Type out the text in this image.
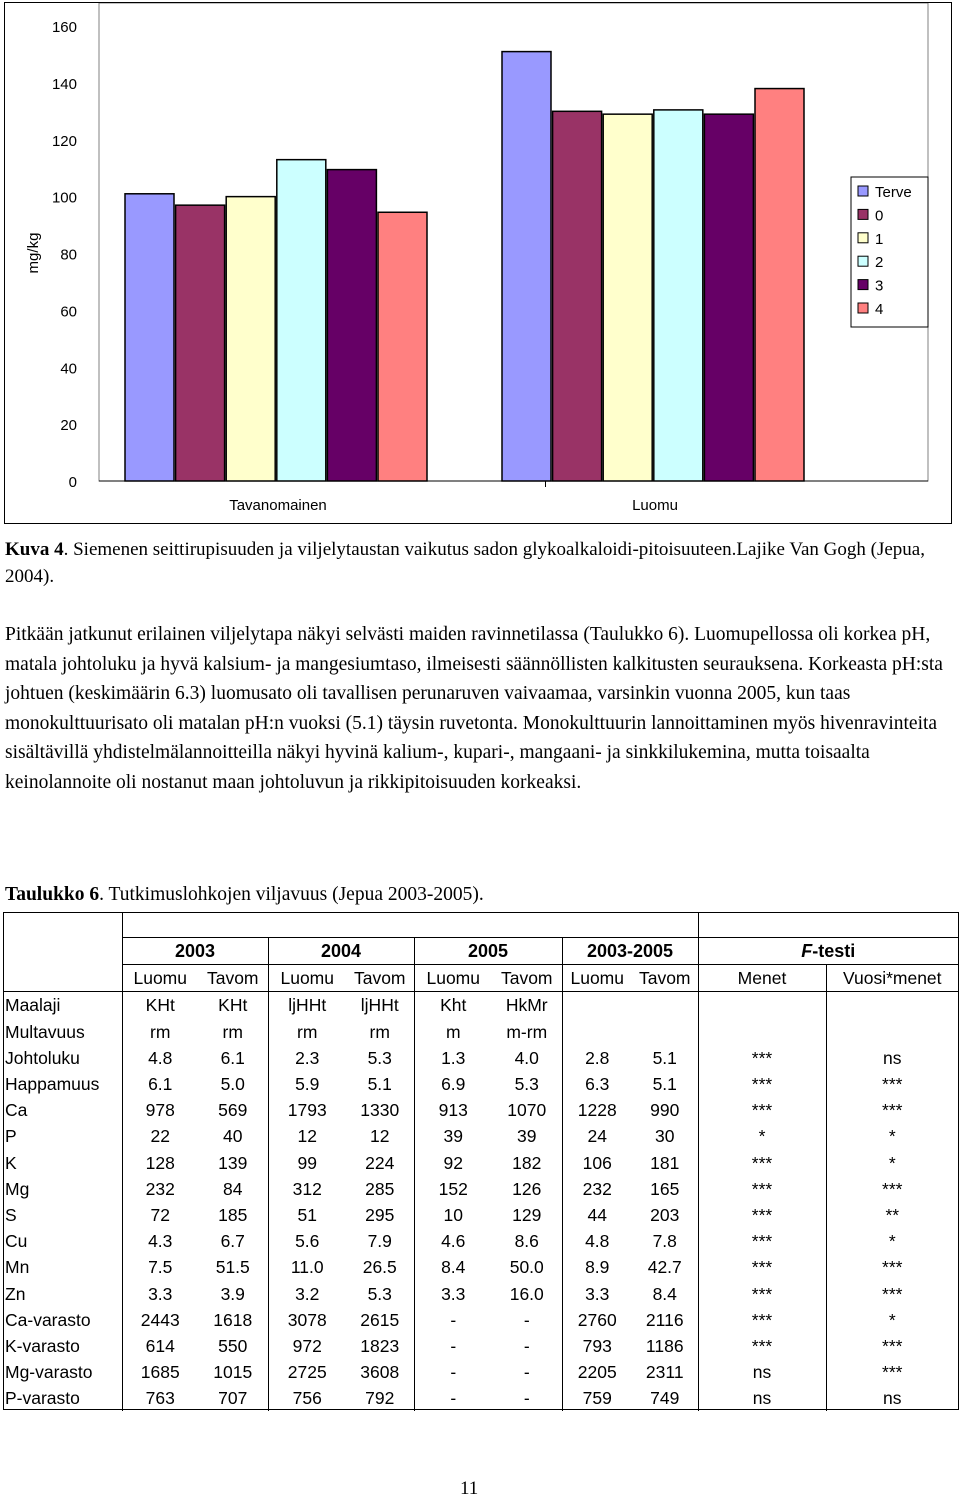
0
20
40
60
80
100
120
140
160
mg/kg
Tavanomainen	Luomu
Terve
0
1
2
3
4
Kuva 4. Siemenen seittirupisuuden ja viljelytaustan vaikutus sadon glykoalkaloidi-pitoisuuteen.Lajike Van Gogh (Jepua, 2004).
Pitkään jatkunut erilainen viljelytapa näkyi selvästi maiden ravinnetilassa (Taulukko 6). Luomupellossa oli korkea pH, matala johtoluku ja hyvä kalsium- ja mangesiumtaso, ilmeisesti säännöllisten kalkitusten seurauksena. Korkeasta pH:sta johtuen (keskimäärin 6.3) luomusato oli tavallisen perunaruven vaivaamaa, varsinkin vuonna 2005, kun taas monokulttuurisato oli matalan pH:n vuoksi (5.1) täysin ruvetonta. Monokulttuurin lannoittaminen myös hivenravinteita sisältävillä yhdistelmälannoitteilla näkyi hyvinä kalium-, kupari-, mangaani- ja sinkkilukemina, mutta toisaalta keinolannoite oli nostanut maan johtoluvun ja rikkipitoisuuden korkeaksi.
Taulukko 6. Tutkimuslohkojen viljavuus (Jepua 2003-2005).

	2003		2004		2005		2003-2005		F-testi	
	Luomu	Tavom	Luomu	Tavom	Luomu	Tavom	Luomu	Tavom	Menet	Vuosi*menet
Maalaji	KHt	KHt	ljHHt	ljHHt	Kht	HkMr				
Multavuus	rm	rm	rm	rm	m	m-rm				
Johtoluku	4.8	6.1	2.3	5.3	1.3	4.0	2.8	5.1	***	ns
Happamuus	6.1	5.0	5.9	5.1	6.9	5.3	6.3	5.1	***	***
Ca	978	569	1793	1330	913	1070	1228	990	***	***
P	22	40	12	12	39	39	24	30	*	*
K	128	139	99	224	92	182	106	181	***	*
Mg	232	84	312	285	152	126	232	165	***	***
S	72	185	51	295	10	129	44	203	***	**
Cu	4.3	6.7	5.6	7.9	4.6	8.6	4.8	7.8	***	*
Mn	7.5	51.5	11.0	26.5	8.4	50.0	8.9	42.7	***	***
Zn	3.3	3.9	3.2	5.3	3.3	16.0	3.3	8.4	***	***
Ca-varasto	2443	1618	3078	2615	-	-	2760	2116	***	*
K-varasto	614	550	972	1823	-	-	793	1186	***	***
Mg-varasto	1685	1015	2725	3608	-	-	2205	2311	ns	***
P-varasto	763	707	756	792	-	-	759	749	ns	ns
11
